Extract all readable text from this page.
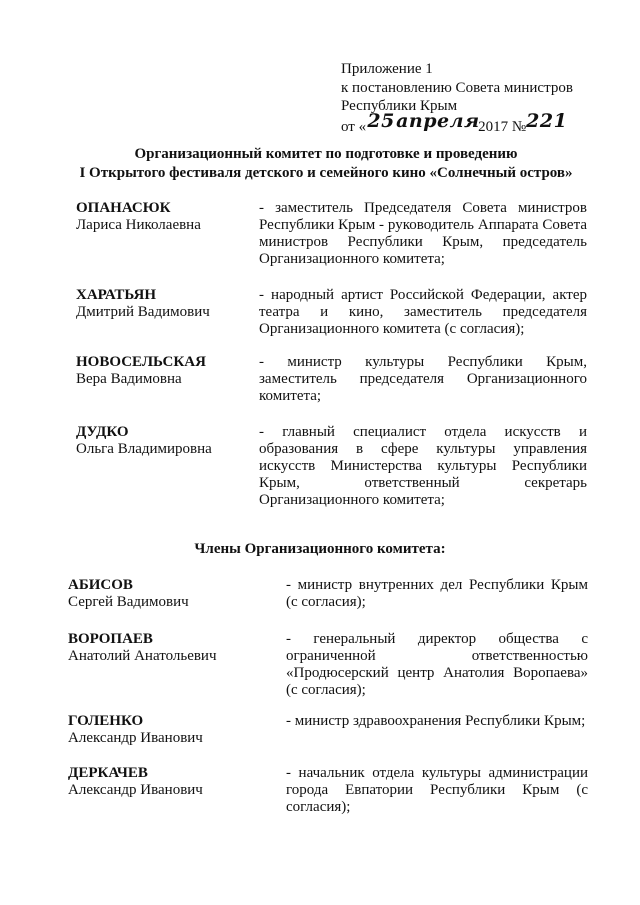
Приложение 1
к постановлению Совета министров
Республики Крым
от «25апреля2017 №221
Организационный комитет по подготовке и проведению
I Открытого фестиваля детского и семейного кино «Солнечный остров»
ОПАНАСЮК
Лариса Николаевна
- заместитель Председателя Совета министров Республики Крым - руководитель Аппарата Совета министров Республики Крым, председатель Организационного комитета;
ХАРАТЬЯН
Дмитрий Вадимович
- народный артист Российской Федерации, актер театра и кино, заместитель председателя Организационного комитета (с согласия);
НОВОСЕЛЬСКАЯ
Вера Вадимовна
- министр культуры Республики Крым, заместитель председателя Организационного комитета;
ДУДКО
Ольга Владимировна
- главный специалист отдела искусств и образования в сфере культуры управления искусств Министерства культуры Республики Крым, ответственный секретарь Организационного комитета;
Члены Организационного комитета:
АБИСОВ
Сергей Вадимович
- министр внутренних дел Республики Крым (с согласия);
ВОРОПАЕВ
Анатолий Анатольевич
- генеральный директор общества с ограниченной ответственностью «Продюсерский центр Анатолия Воропаева» (с согласия);
ГОЛЕНКО
Александр Иванович
- министр здравоохранения Республики Крым;
ДЕРКАЧЕВ
Александр Иванович
- начальник отдела культуры администрации города Евпатории Республики Крым (с согласия);
